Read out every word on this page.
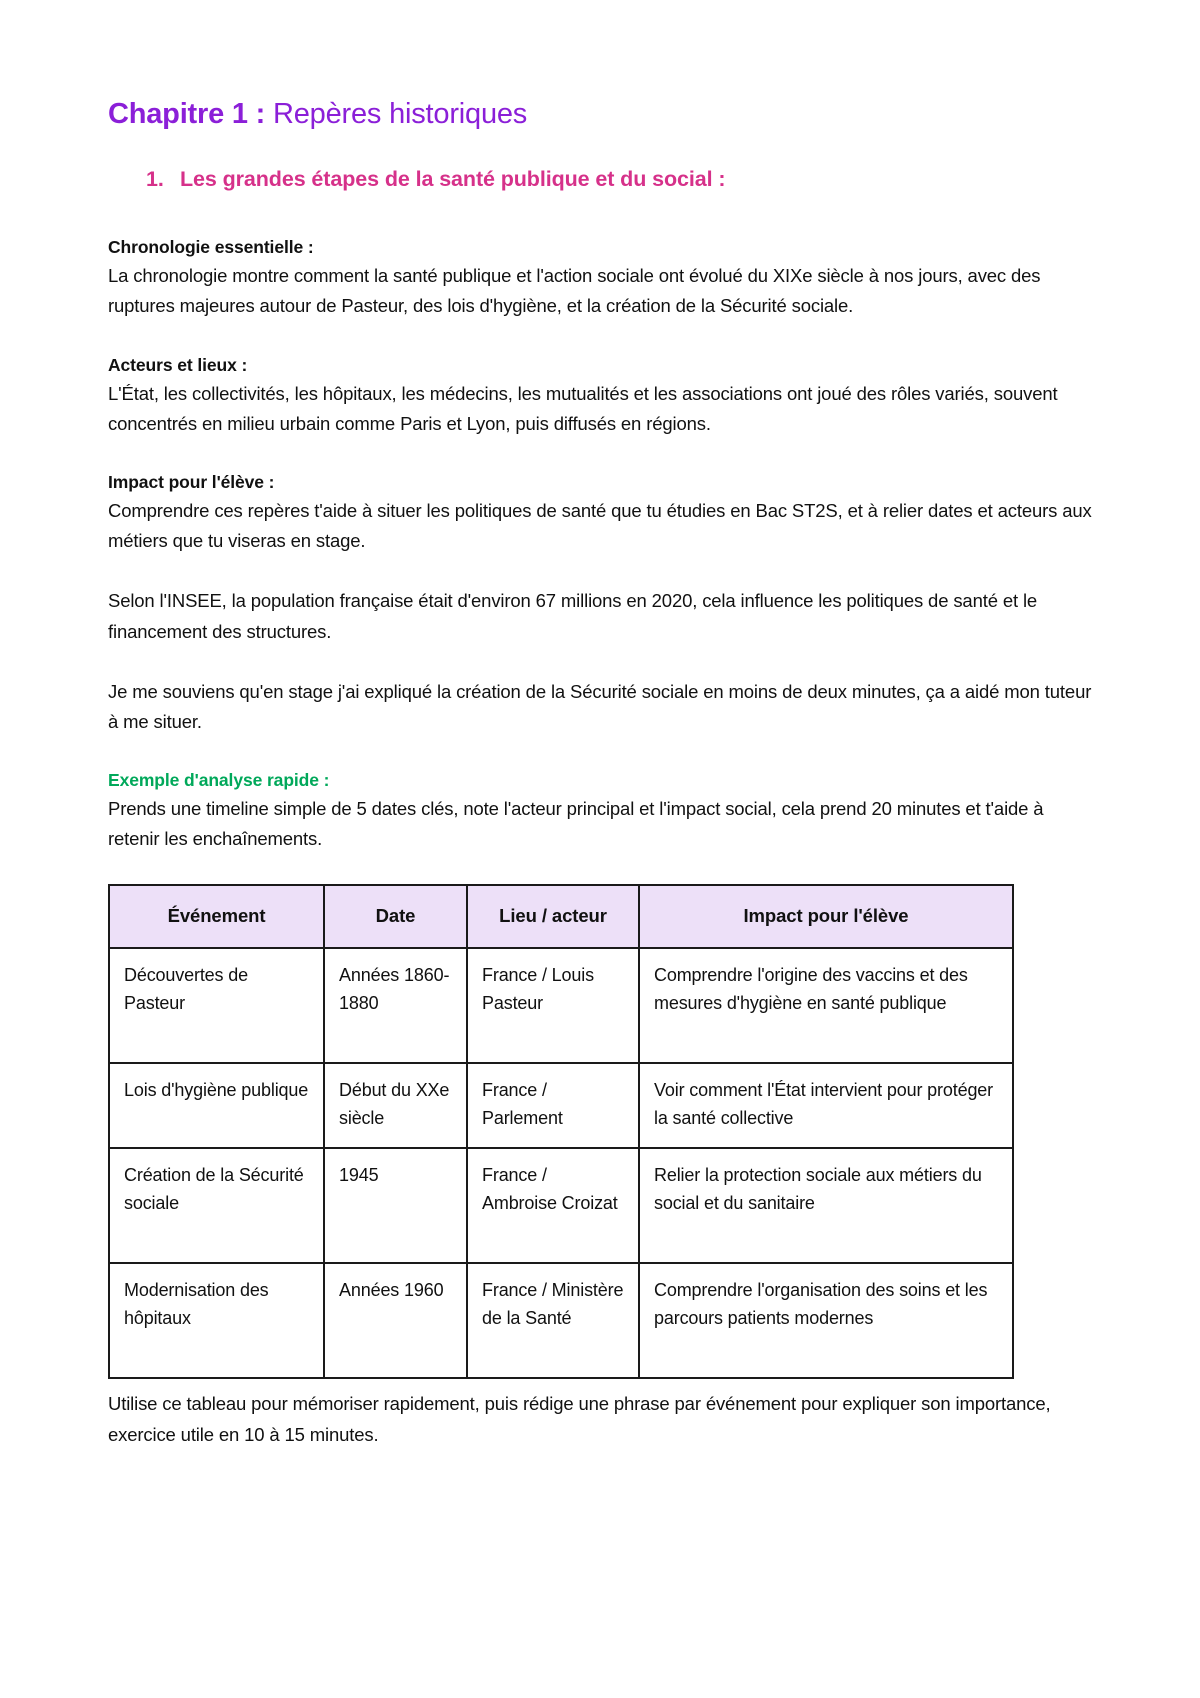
Chapitre 1 : Repères historiques
1. Les grandes étapes de la santé publique et du social :
Chronologie essentielle :

La chronologie montre comment la santé publique et l'action sociale ont évolué du XIXe siècle à nos jours, avec des ruptures majeures autour de Pasteur, des lois d'hygiène, et la création de la Sécurité sociale.

Acteurs et lieux :

L'État, les collectivités, les hôpitaux, les médecins, les mutualités et les associations ont joué des rôles variés, souvent concentrés en milieu urbain comme Paris et Lyon, puis diffusés en régions.

Impact pour l'élève :

Comprendre ces repères t'aide à situer les politiques de santé que tu étudies en Bac ST2S, et à relier dates et acteurs aux métiers que tu viseras en stage.

Selon l'INSEE, la population française était d'environ 67 millions en 2020, cela influence les politiques de santé et le financement des structures.

Je me souviens qu'en stage j'ai expliqué la création de la Sécurité sociale en moins de deux minutes, ça a aidé mon tuteur à me situer.

Exemple d'analyse rapide :

Prends une timeline simple de 5 dates clés, note l'acteur principal et l'impact social, cela prend 20 minutes et t'aide à retenir les enchaînements.

Événement	Date	Lieu / acteur	Impact pour l'élève
Découvertes de Pasteur	Années 1860-1880	France / Louis Pasteur	Comprendre l'origine des vaccins et des mesures d'hygiène en santé publique
Lois d'hygiène publique	Début du XXe siècle	France / Parlement	Voir comment l'État intervient pour protéger la santé collective
Création de la Sécurité sociale	1945	France / Ambroise Croizat	Relier la protection sociale aux métiers du social et du sanitaire
Modernisation des hôpitaux	Années 1960	France / Ministère de la Santé	Comprendre l'organisation des soins et les parcours patients modernes

Utilise ce tableau pour mémoriser rapidement, puis rédige une phrase par événement pour expliquer son importance, exercice utile en 10 à 15 minutes.
